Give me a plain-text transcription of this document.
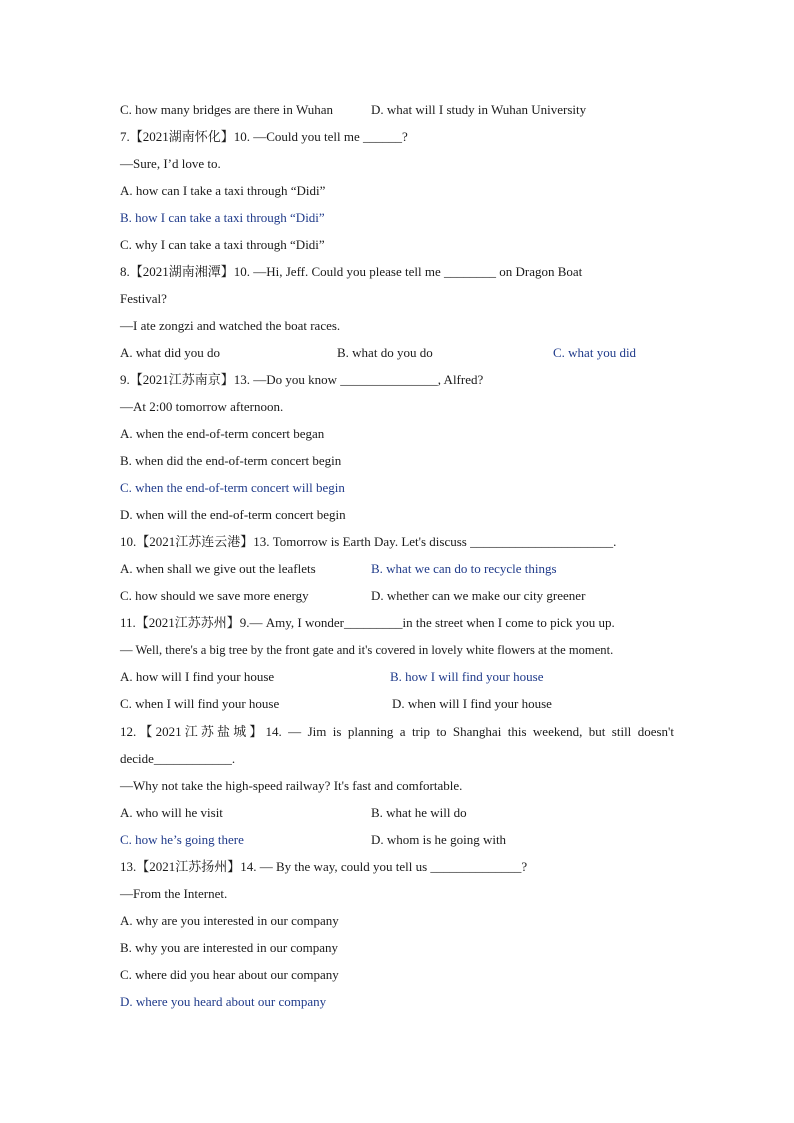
C. how many bridges are there in Wuhan	D. what will I study in Wuhan University
7.【2021湖南怀化】10. —Could you tell me ______?
—Sure, I’d love to.
A. how can I take a taxi through “Didi”
B. how I can take a taxi through “Didi”
C. why I can take a taxi through “Didi”
8.【2021湖南湘潭】10. —Hi, Jeff. Could you please tell me ________ on Dragon Boat
Festival?
—I ate zongzi and watched the boat races.
A. what did you do	B. what do you do	C. what you did
9.【2021江苏南京】13. —Do you know _______________, Alfred?
—At 2:00 tomorrow afternoon.
A. when the end-of-term concert began
B. when did the end-of-term concert begin
C. when the end-of-term concert will begin
D. when will the end-of-term concert begin
10.【2021江苏连云港】13. Tomorrow is Earth Day. Let's discuss ______________________.
A. when shall we give out the leaflets	B. what we can do to recycle things
C. how should we save more energy	D. whether can we make our city greener
11.【2021江苏苏州】9.— Amy, I wonder_________in the street when I come to pick you up.
— Well, there's a big tree by the front gate and it's covered in lovely white flowers at the moment.
A. how will I find your house	B. how I will find your house
C. when I will find your house	D. when will I find your house
12.【2021江苏盐城】14. — Jim is planning a trip to Shanghai this weekend, but still doesn't
decide____________.
—Why not take the high-speed railway? It's fast and comfortable.
A. who will he visit	B. what he will do
C. how he’s going there	D. whom is he going with
13.【2021江苏扬州】14. — By the way, could you tell us ______________?
—From the Internet.
A. why are you interested in our company
B. why you are interested in our company
C. where did you hear about our company
D. where you heard about our company
